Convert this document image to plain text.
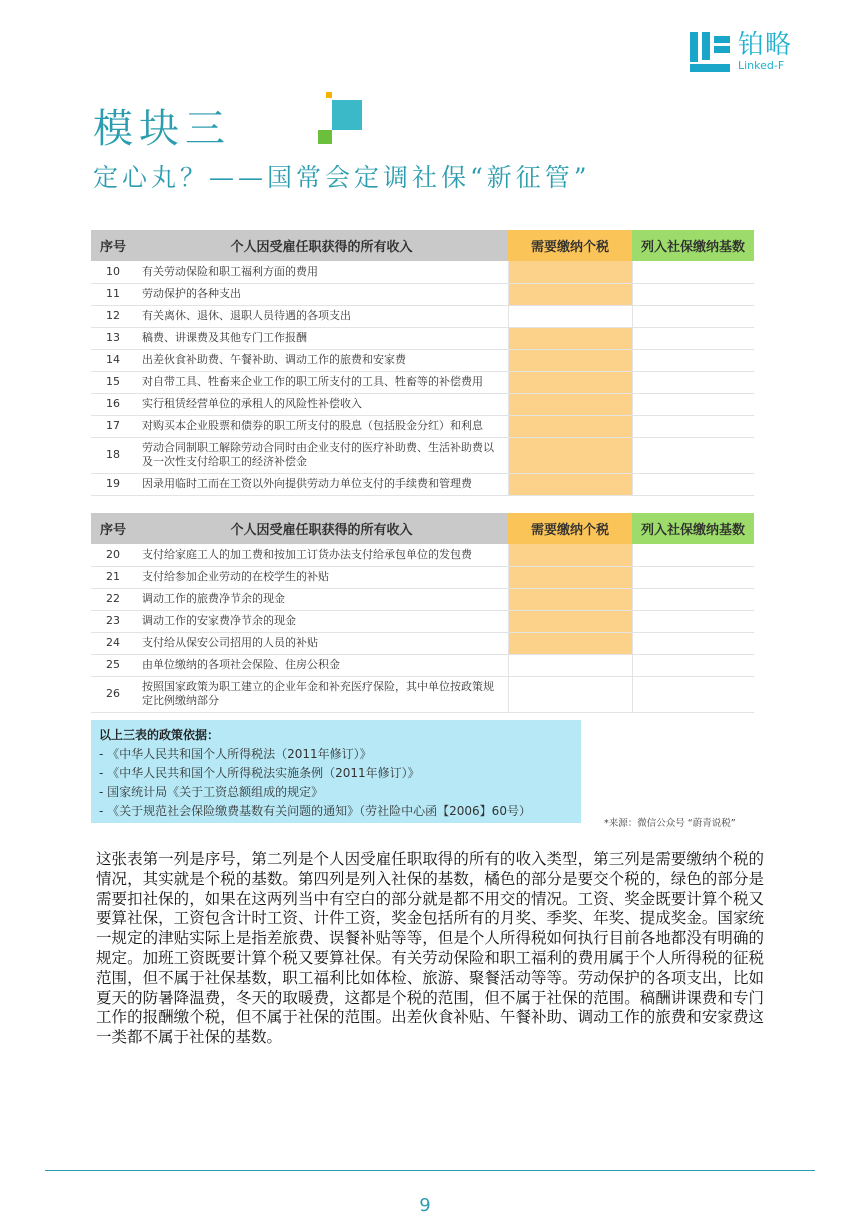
铂略
Linked-F
模块三
定心丸？——国常会定调社保“新征管”
序号	个人因受雇任职获得的所有收入	需要缴纳个税	列入社保缴纳基数
10	有关劳动保险和职工福利方面的费用		
11	劳动保护的各种支出		
12	有关离休、退休、退职人员待遇的各项支出		
13	稿费、讲课费及其他专门工作报酬		
14	出差伙食补助费、午餐补助、调动工作的旅费和安家费		
15	对自带工具、牲畜来企业工作的职工所支付的工具、牲畜等的补偿费用		
16	实行租赁经营单位的承租人的风险性补偿收入		
17	对购买本企业股票和债券的职工所支付的股息（包括股金分红）和利息		
18	劳动合同制职工解除劳动合同时由企业支付的医疗补助费、生活补助费以及一次性支付给职工的经济补偿金		
19	因录用临时工而在工资以外向提供劳动力单位支付的手续费和管理费		
序号	个人因受雇任职获得的所有收入	需要缴纳个税	列入社保缴纳基数
20	支付给家庭工人的加工费和按加工订货办法支付给承包单位的发包费		
21	支付给参加企业劳动的在校学生的补贴		
22	调动工作的旅费净节余的现金		
23	调动工作的安家费净节余的现金		
24	支付给从保安公司招用的人员的补贴		
25	由单位缴纳的各项社会保险、住房公积金		
26	按照国家政策为职工建立的企业年金和补充医疗保险，其中单位按政策规定比例缴纳部分		
以上三表的政策依据：
- 《中华人民共和国个人所得税法（2011年修订）》
- 《中华人民共和国个人所得税法实施条例（2011年修订）》
- 国家统计局《关于工资总额组成的规定》
- 《关于规范社会保险缴费基数有关问题的通知》（劳社险中心函【2006】60号）
*来源：微信公众号 “蔚青说税”
这张表第一列是序号，第二列是个人因受雇任职取得的所有的收入类型，第三列是需要缴纳个税的情况，其实就是个税的基数。第四列是列入社保的基数，橘色的部分是要交个税的，绿色的部分是需要扣社保的，如果在这两列当中有空白的部分就是都不用交的情况。工资、奖金既要计算个税又要算社保，工资包含计时工资、计件工资，奖金包括所有的月奖、季奖、年奖、提成奖金。国家统一规定的津贴实际上是指差旅费、误餐补贴等等，但是个人所得税如何执行目前各地都没有明确的规定。加班工资既要计算个税又要算社保。有关劳动保险和职工福利的费用属于个人所得税的征税范围，但不属于社保基数，职工福利比如体检、旅游、聚餐活动等等。劳动保护的各项支出，比如夏天的防暑降温费，冬天的取暖费，这都是个税的范围，但不属于社保的范围。稿酬讲课费和专门工作的报酬缴个税，但不属于社保的范围。出差伙食补贴、午餐补助、调动工作的旅费和安家费这一类都不属于社保的基数。
9
